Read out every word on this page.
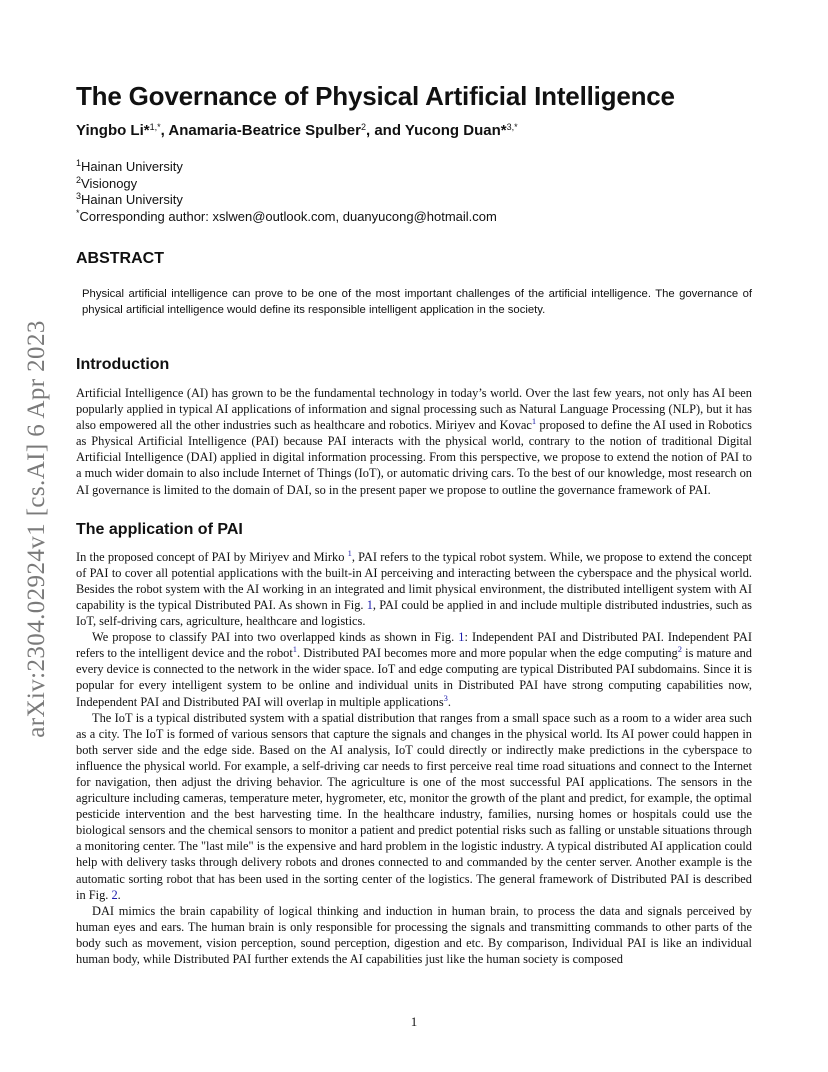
arXiv:2304.02924v1 [cs.AI] 6 Apr 2023
The Governance of Physical Artificial Intelligence
Yingbo Li*$^{1,*}$, Anamaria-Beatrice Spulber$^2$, and Yucong Duan*$^{3,*}$
$^1$Hainan University
$^2$Visionogy
$^3$Hainan University
*Corresponding author: xslwen@outlook.com, duanyucong@hotmail.com
ABSTRACT

Physical artificial intelligence can prove to be one of the most important challenges of the artificial intelligence. The governance of physical artificial intelligence would define its responsible intelligent application in the society.

Introduction

Artificial Intelligence (AI) has grown to be the fundamental technology in today’s world. Over the last few years, not only has AI been popularly applied in typical AI applications of information and signal processing such as Natural Language Processing (NLP), but it has also empowered all the other industries such as healthcare and robotics. Miriyev and Kovac$^1$ proposed to define the AI used in Robotics as Physical Artificial Intelligence (PAI) because PAI interacts with the physical world, contrary to the notion of traditional Digital Artificial Intelligence (DAI) applied in digital information processing. From this perspective, we propose to extend the notion of PAI to a much wider domain to also include Internet of Things (IoT), or automatic driving cars. To the best of our knowledge, most research on AI governance is limited to the domain of DAI, so in the present paper we propose to outline the governance framework of PAI.

The application of PAI

In the proposed concept of PAI by Miriyev and Mirko $^1$, PAI refers to the typical robot system. While, we propose to extend the concept of PAI to cover all potential applications with the built-in AI perceiving and interacting between the cyberspace and the physical world. Besides the robot system with the AI working in an integrated and limit physical environment, the distributed intelligent system with AI capability is the typical Distributed PAI. As shown in Fig. 1, PAI could be applied in and include multiple distributed industries, such as IoT, self-driving cars, agriculture, healthcare and logistics.

We propose to classify PAI into two overlapped kinds as shown in Fig. 1: Independent PAI and Distributed PAI. Independent PAI refers to the intelligent device and the robot$^1$. Distributed PAI becomes more and more popular when the edge computing$^2$ is mature and every device is connected to the network in the wider space. IoT and edge computing are typical Distributed PAI subdomains. Since it is popular for every intelligent system to be online and individual units in Distributed PAI have strong computing capabilities now, Independent PAI and Distributed PAI will overlap in multiple applications$^3$.

The IoT is a typical distributed system with a spatial distribution that ranges from a small space such as a room to a wider area such as a city. The IoT is formed of various sensors that capture the signals and changes in the physical world. Its AI power could happen in both server side and the edge side. Based on the AI analysis, IoT could directly or indirectly make predictions in the cyberspace to influence the physical world. For example, a self-driving car needs to first perceive real time road situations and connect to the Internet for navigation, then adjust the driving behavior. The agriculture is one of the most successful PAI applications. The sensors in the agriculture including cameras, temperature meter, hygrometer, etc, monitor the growth of the plant and predict, for example, the optimal pesticide intervention and the best harvesting time. In the healthcare industry, families, nursing homes or hospitals could use the biological sensors and the chemical sensors to monitor a patient and predict potential risks such as falling or unstable situations through a monitoring center. The "last mile" is the expensive and hard problem in the logistic industry. A typical distributed AI application could help with delivery tasks through delivery robots and drones connected to and commanded by the center server. Another example is the automatic sorting robot that has been used in the sorting center of the logistics. The general framework of Distributed PAI is described in Fig. 2.

DAI mimics the brain capability of logical thinking and induction in human brain, to process the data and signals perceived by human eyes and ears. The human brain is only responsible for processing the signals and transmitting commands to other parts of the body such as movement, vision perception, sound perception, digestion and etc. By comparison, Individual PAI is like an individual human body, while Distributed PAI further extends the AI capabilities just like the human society is composed

1
